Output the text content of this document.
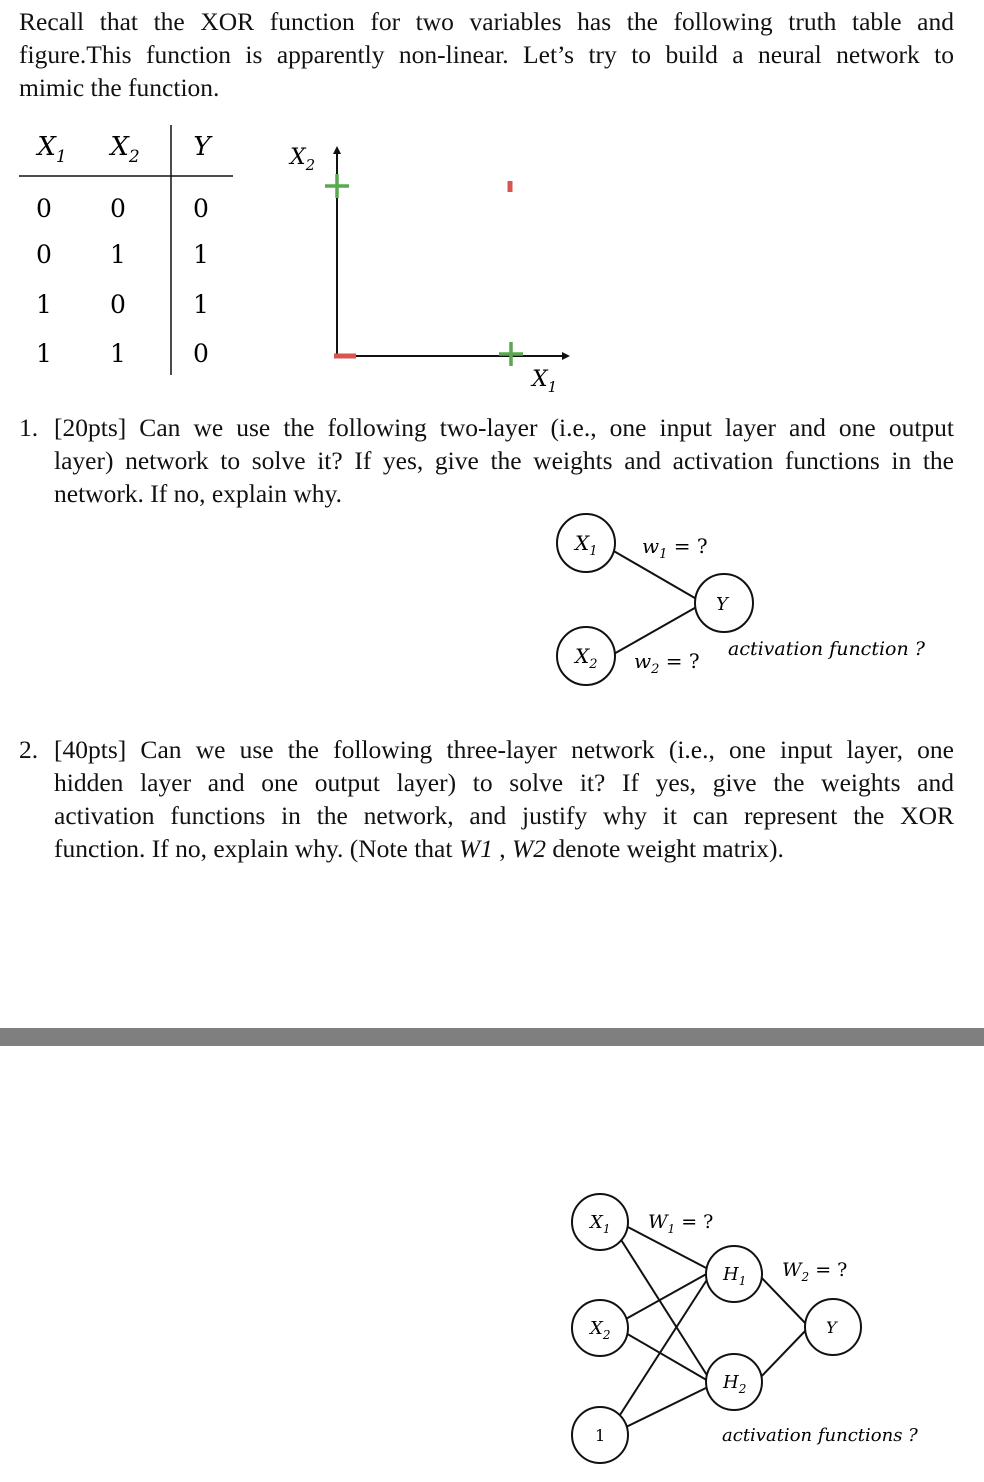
Recall that the XOR function for two variables has the following truth table and
figure.This function is apparently non-linear. Let’s try to build a neural network to
mimic the function.
$X_1$ $X_2$ Y
0 0	0
0 1	1
1 0	1
1 1	0
$X_2$
$X_1$
1. [20pts] Can we use the following two-layer (i.e., one input layer and one output
layer) network to solve it? If yes, give the weights and activation functions in the
network. If no, explain why.
$X_1$
$X_2$
Y
$w_1$ = ?
$w_2$ = ? activation function ?
2. [40pts] Can we use the following three-layer network (i.e., one input layer, one
hidden layer and one output layer) to solve it? If yes, give the weights and
activation functions in the network, and justify why it can represent the XOR
function. If no, explain why. (Note that W1 , W2 denote weight matrix).
$X_1$
$X_2$
1
$H_1$
$H_2$
Y
$W_1$ = ?
$W_2$ = ?
activation functions ?
